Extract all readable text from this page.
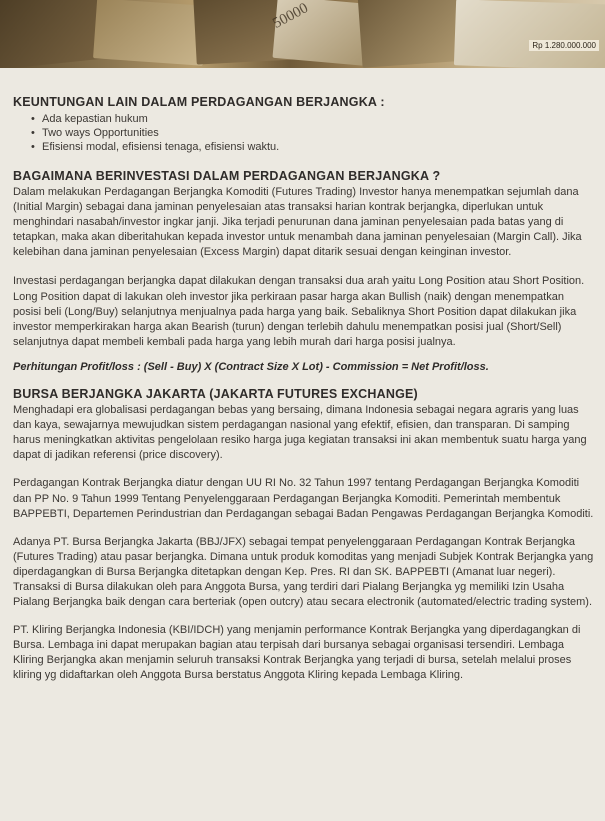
50000
Rp 1.280.000.000
KEUNTUNGAN LAIN DALAM PERDAGANGAN BERJANGKA :
• Ada kepastian hukum
• Two ways Opportunities
• Efisiensi modal, efisiensi tenaga, efisiensi waktu.
BAGAIMANA BERINVESTASI DALAM PERDAGANGAN BERJANGKA ?

Dalam melakukan Perdagangan Berjangka Komoditi (Futures Trading) Investor hanya menempatkan sejumlah dana (Initial Margin) sebagai dana jaminan penyelesaian atas transaksi harian kontrak berjangka, diperlukan untuk menghindari nasabah/investor ingkar janji. Jika terjadi penurunan dana jaminan penyelesaian pada batas yang di tetapkan, maka akan diberitahukan kepada investor untuk menambah dana jaminan penyelesaian (Margin Call). Jika kelebihan dana jaminan penyelesaian (Excess Margin) dapat ditarik sesuai dengan keinginan investor.

Investasi perdagangan berjangka dapat dilakukan dengan transaksi dua arah yaitu Long Position atau Short Position. Long Position dapat di lakukan oleh investor jika perkiraan pasar harga akan Bullish (naik) dengan menempatkan posisi beli (Long/Buy) selanjutnya menjualnya pada harga yang baik. Sebaliknya Short Position dapat dilakukan jika investor memperkirakan harga akan Bearish (turun) dengan terlebih dahulu menempatkan posisi jual (Short/Sell) selanjutnya dapat membeli kembali pada harga yang lebih murah dari harga posisi jualnya.

Perhitungan Profit/loss : (Sell - Buy) X (Contract Size X Lot) - Commission = Net Profit/loss.

BURSA BERJANGKA JAKARTA (JAKARTA FUTURES EXCHANGE)

Menghadapi era globalisasi perdagangan bebas yang bersaing, dimana Indonesia sebagai negara agraris yang luas dan kaya, sewajarnya mewujudkan sistem perdagangan nasional yang efektif, efisien, dan transparan. Di samping harus meningkatkan aktivitas pengelolaan resiko harga juga kegiatan transaksi ini akan membentuk suatu harga yang dapat di jadikan referensi (price discovery).

Perdagangan Kontrak Berjangka diatur dengan UU RI No. 32 Tahun 1997 tentang Perdagangan Berjangka Komoditi dan PP No. 9 Tahun 1999 Tentang Penyelenggaraan Perdagangan Berjangka Komoditi. Pemerintah membentuk BAPPEBTI, Departemen Perindustrian dan Perdagangan sebagai Badan Pengawas Perdagangan Berjangka Komoditi.

Adanya PT. Bursa Berjangka Jakarta (BBJ/JFX) sebagai tempat penyelenggaraan Perdagangan Kontrak Berjangka (Futures Trading) atau pasar berjangka. Dimana untuk produk komoditas yang menjadi Subjek Kontrak Berjangka yang diperdagangkan di Bursa Berjangka ditetapkan dengan Kep. Pres. RI dan SK. BAPPEBTI (Amanat luar negeri). Transaksi di Bursa dilakukan oleh para Anggota Bursa, yang terdiri dari Pialang Berjangka yg memiliki Izin Usaha Pialang Berjangka baik dengan cara berteriak (open outcry) atau secara electronik (automated/electric trading system).

PT. Kliring Berjangka Indonesia (KBI/IDCH) yang menjamin performance Kontrak Berjangka yang diperdagangkan di Bursa. Lembaga ini dapat merupakan bagian atau terpisah dari bursanya sebagai organisasi tersendiri. Lembaga Kliring Berjangka akan menjamin seluruh transaksi Kontrak Berjangka yang terjadi di bursa, setelah melalui proses kliring yg didaftarkan oleh Anggota Bursa berstatus Anggota Kliring kepada Lembaga Kliring.
